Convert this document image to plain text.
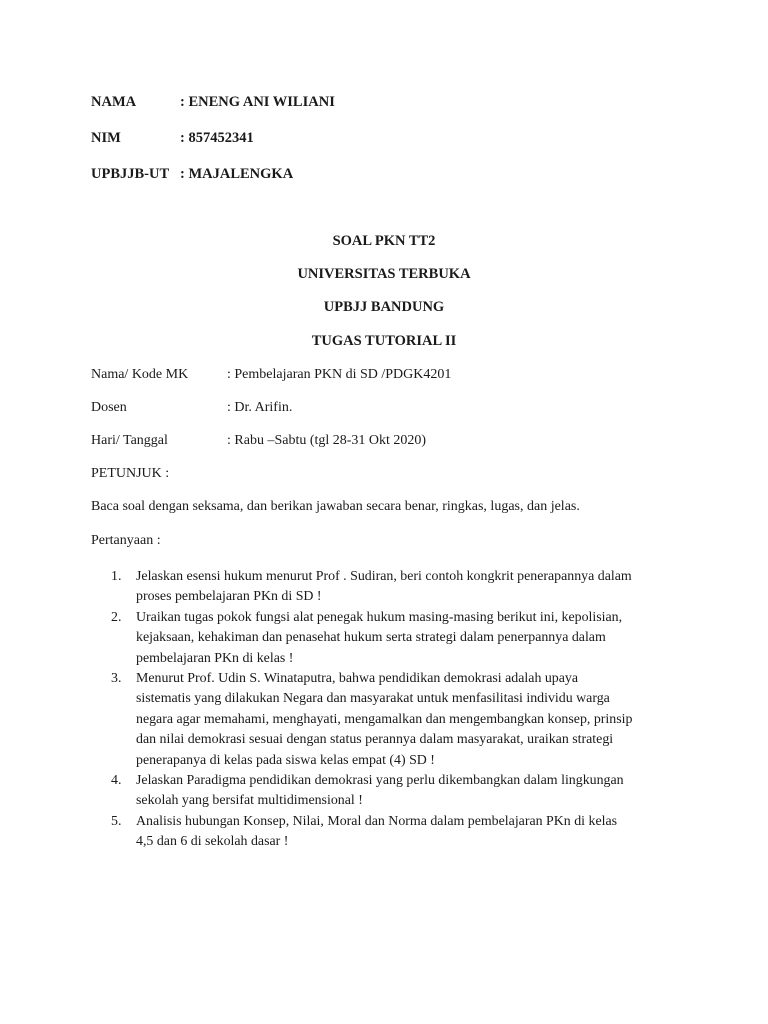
NAMA	: ENENG ANI WILIANI
NIM	: 857452341
UPBJJB-UT : MAJALENGKA
SOAL PKN TT2
UNIVERSITAS TERBUKA
UPBJJ BANDUNG
TUGAS TUTORIAL II
Nama/ Kode MK	: Pembelajaran PKN di SD /PDGK4201
Dosen	: Dr. Arifin.
Hari/ Tanggal	: Rabu –Sabtu (tgl 28-31 Okt 2020)
PETUNJUK :
Baca soal dengan seksama, dan berikan jawaban secara benar, ringkas, lugas, dan jelas.
Pertanyaan :
1. Jelaskan esensi hukum menurut Prof . Sudiran, beri contoh kongkrit penerapannya dalam
proses pembelajaran PKn di SD !
2. Uraikan tugas pokok fungsi alat penegak hukum masing-masing berikut ini, kepolisian,
kejaksaan, kehakiman dan penasehat hukum serta strategi dalam penerpannya dalam
pembelajaran PKn di kelas !
3. Menurut Prof. Udin S. Winataputra, bahwa pendidikan demokrasi adalah upaya
sistematis yang dilakukan Negara dan masyarakat untuk menfasilitasi individu warga
negara agar memahami, menghayati, mengamalkan dan mengembangkan konsep, prinsip
dan nilai demokrasi sesuai dengan status perannya dalam masyarakat, uraikan strategi
penerapanya di kelas pada siswa kelas empat (4) SD !
4. Jelaskan Paradigma pendidikan demokrasi yang perlu dikembangkan dalam lingkungan
sekolah yang bersifat multidimensional !
5. Analisis hubungan Konsep, Nilai, Moral dan Norma dalam pembelajaran PKn di kelas
4,5 dan 6 di sekolah dasar !
